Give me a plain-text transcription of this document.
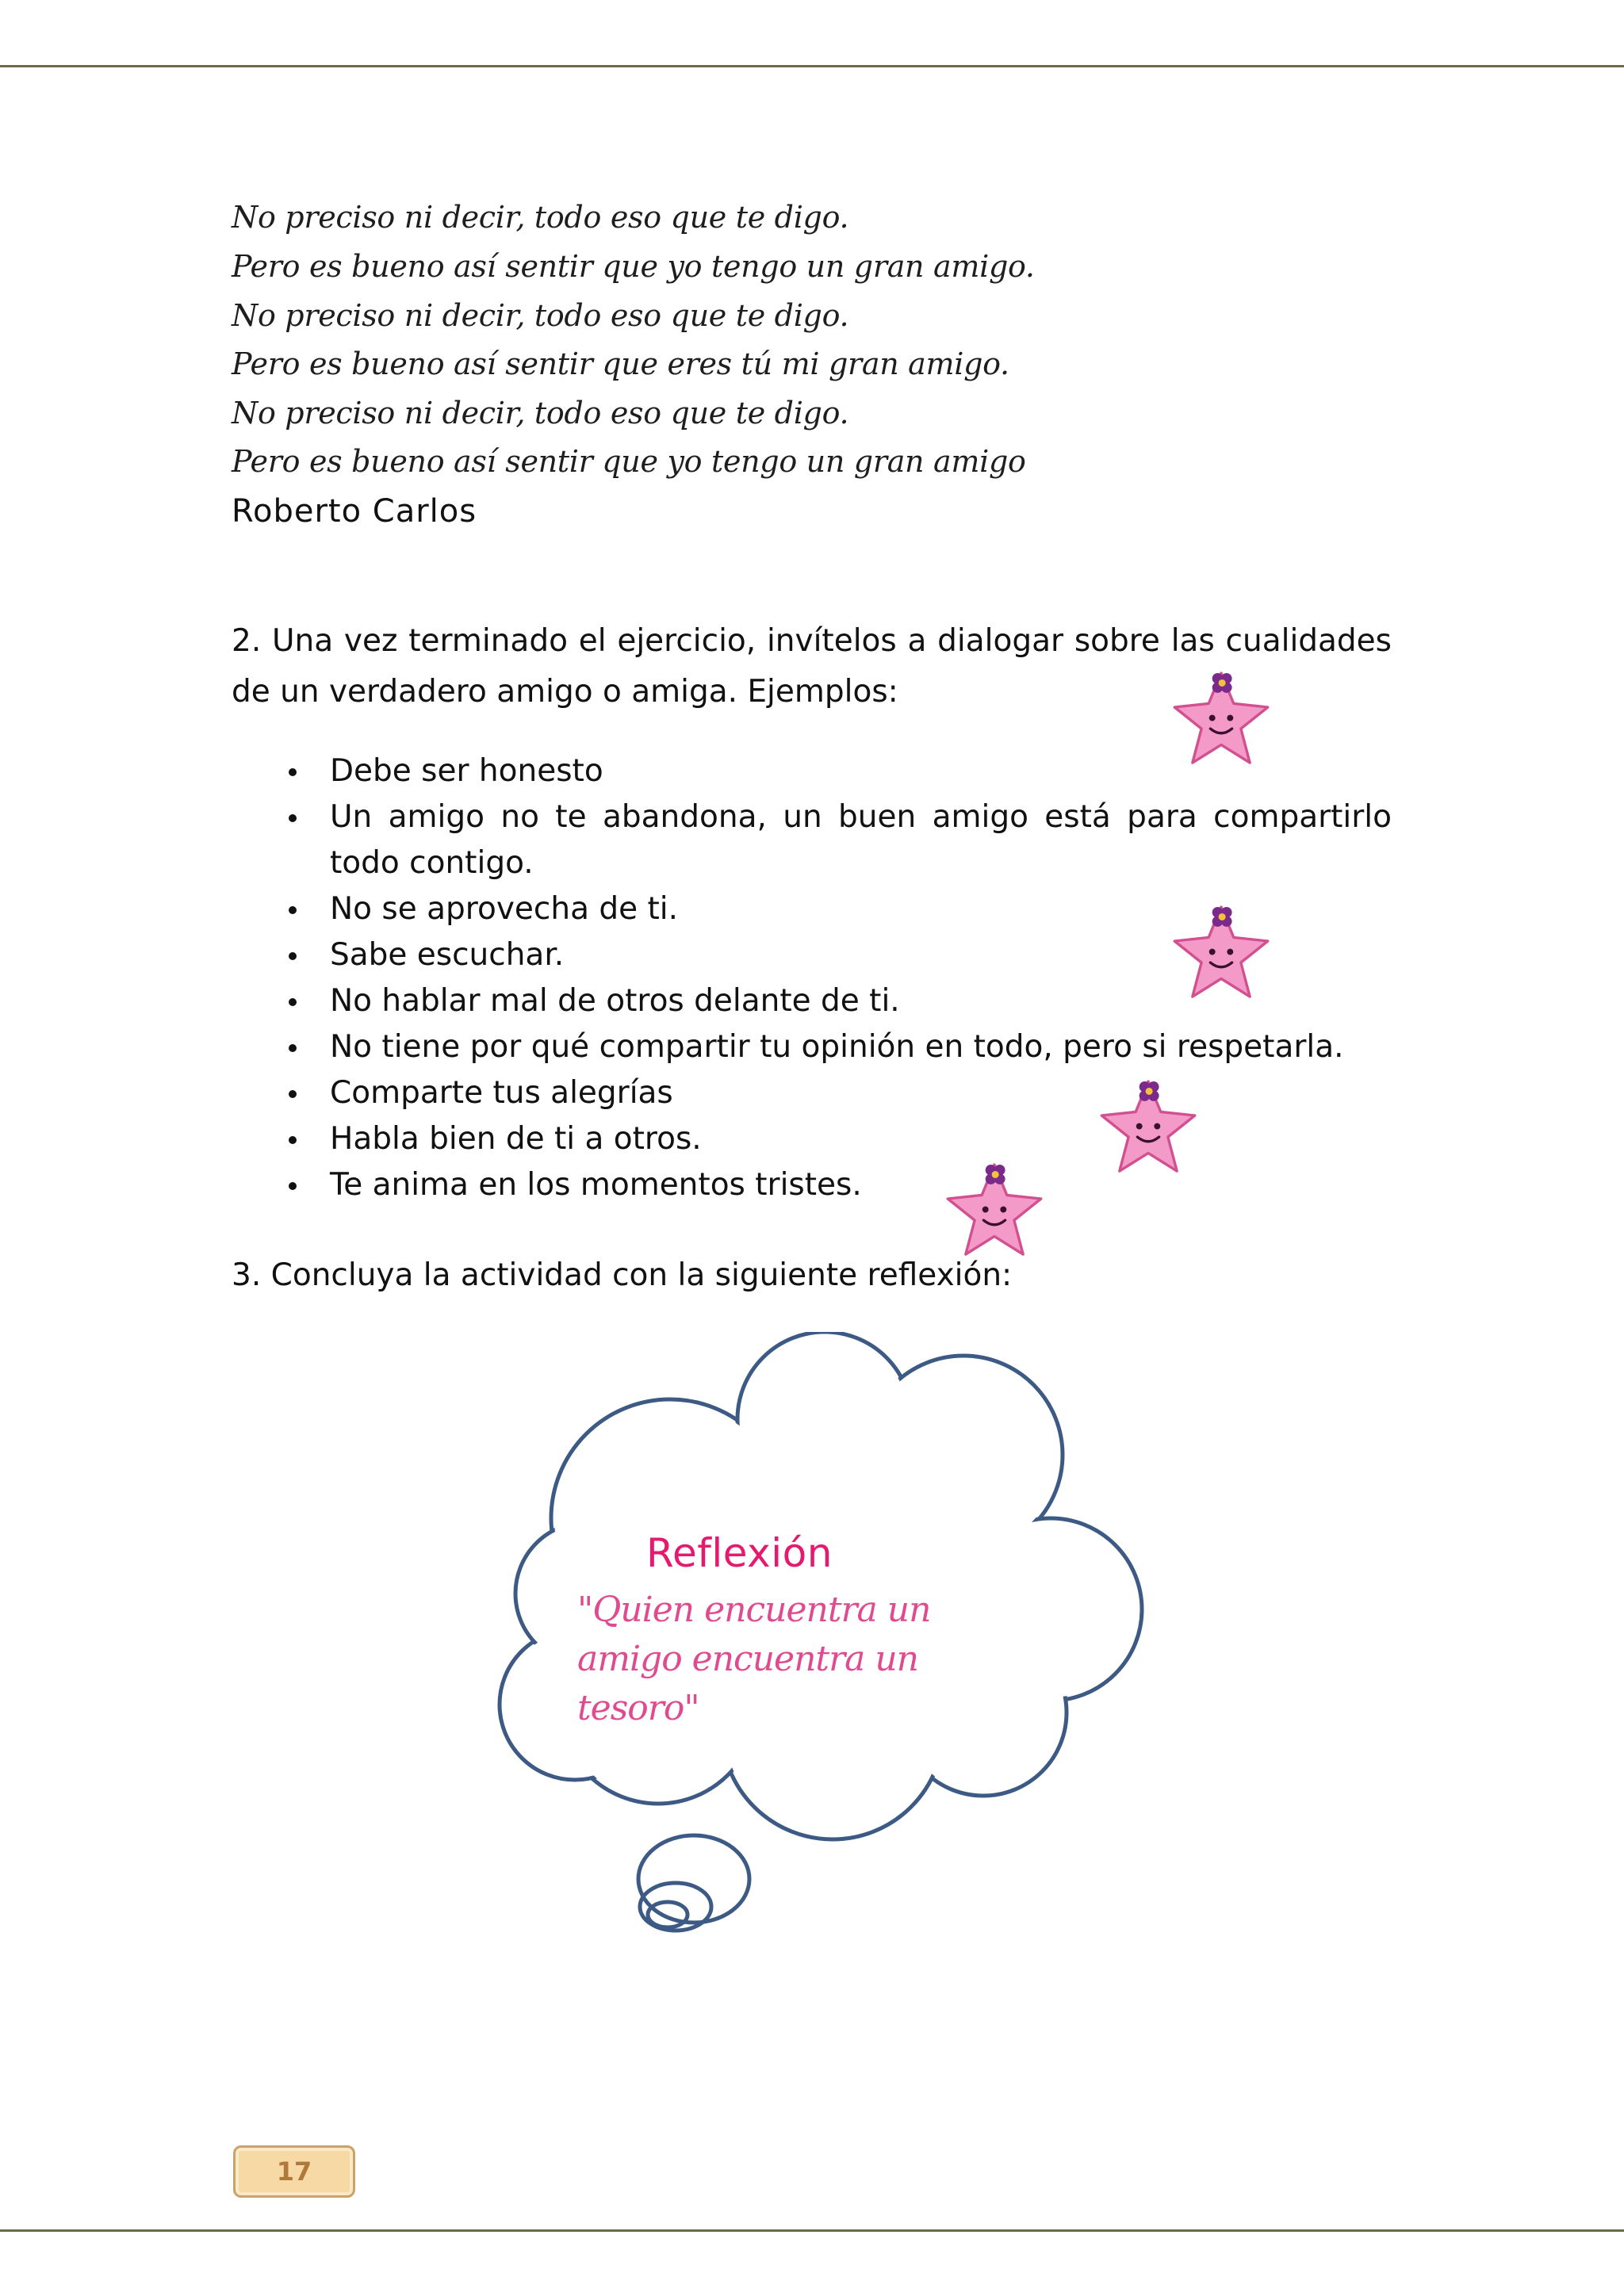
No preciso ni decir, todo eso que te digo.
Pero es bueno así sentir que yo tengo un gran amigo.
No preciso ni decir, todo eso que te digo.
Pero es bueno así sentir que eres tú mi gran amigo.
No preciso ni decir, todo eso que te digo.
Pero es bueno así sentir que yo tengo un gran amigo
Roberto Carlos
2. Una vez terminado el ejercicio, invítelos a dialogar sobre las cualidades de un verdadero amigo o amiga. Ejemplos:
Debe ser honesto
Un amigo no te abandona, un buen amigo está para compartirlo todo contigo.
No se aprovecha de ti.
Sabe escuchar.
No hablar mal de otros delante de ti.
No tiene por qué compartir tu opinión en todo, pero si respetarla.
Comparte tus alegrías
Habla bien de ti a otros.
Te anima en los momentos tristes.
3. Concluya la actividad con la siguiente reflexión:
Reflexión
"Quien encuentra un amigo encuentra un tesoro"
17
